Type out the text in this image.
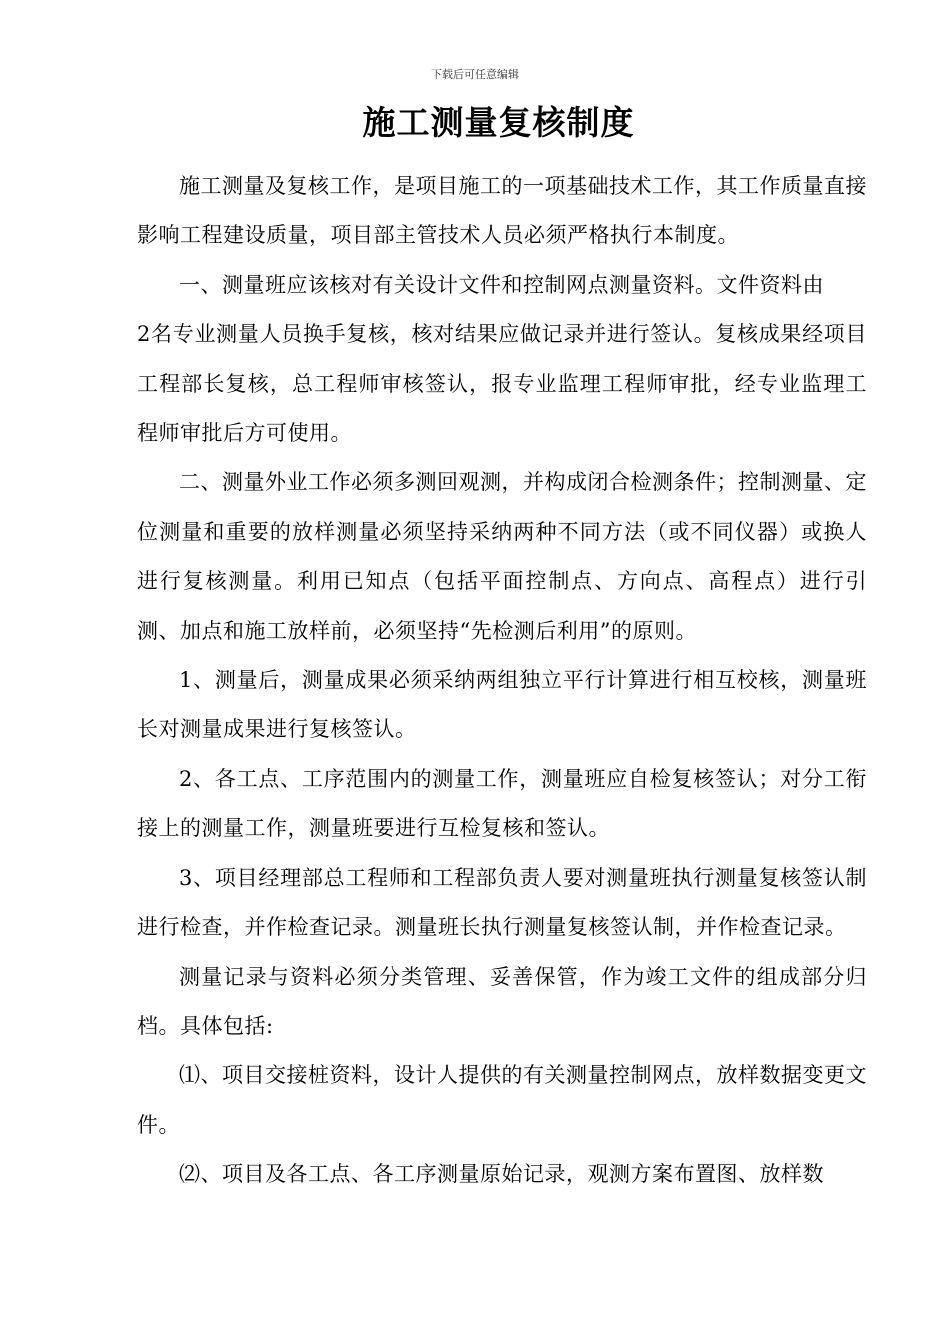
下载后可任意编辑
施工测量复核制度

施工测量及复核工作，是项目施工的一项基础技术工作，其工作质量直接影响工程建设质量，项目部主管技术人员必须严格执行本制度。

一、测量班应该核对有关设计文件和控制网点测量资料。文件资料由

2名专业测量人员换手复核，核对结果应做记录并进行签认。复核成果经项目工程部长复核，总工程师审核签认，报专业监理工程师审批，经专业监理工程师审批后方可使用。

二、测量外业工作必须多测回观测，并构成闭合检测条件；控制测量、定位测量和重要的放样测量必须坚持采纳两种不同方法（或不同仪器）或换人进行复核测量。利用已知点（包括平面控制点、方向点、高程点）进行引测、加点和施工放样前，必须坚持“先检测后利用”的原则。

1、测量后，测量成果必须采纳两组独立平行计算进行相互校核，测量班长对测量成果进行复核签认。

2、各工点、工序范围内的测量工作，测量班应自检复核签认；对分工衔接上的测量工作，测量班要进行互检复核和签认。

3、项目经理部总工程师和工程部负责人要对测量班执行测量复核签认制进行检查，并作检查记录。测量班长执行测量复核签认制，并作检查记录。

测量记录与资料必须分类管理、妥善保管，作为竣工文件的组成部分归档。具体包括:

⑴、项目交接桩资料，设计人提供的有关测量控制网点，放样数据变更文件。

⑵、项目及各工点、各工序测量原始记录，观测方案布置图、放样数
